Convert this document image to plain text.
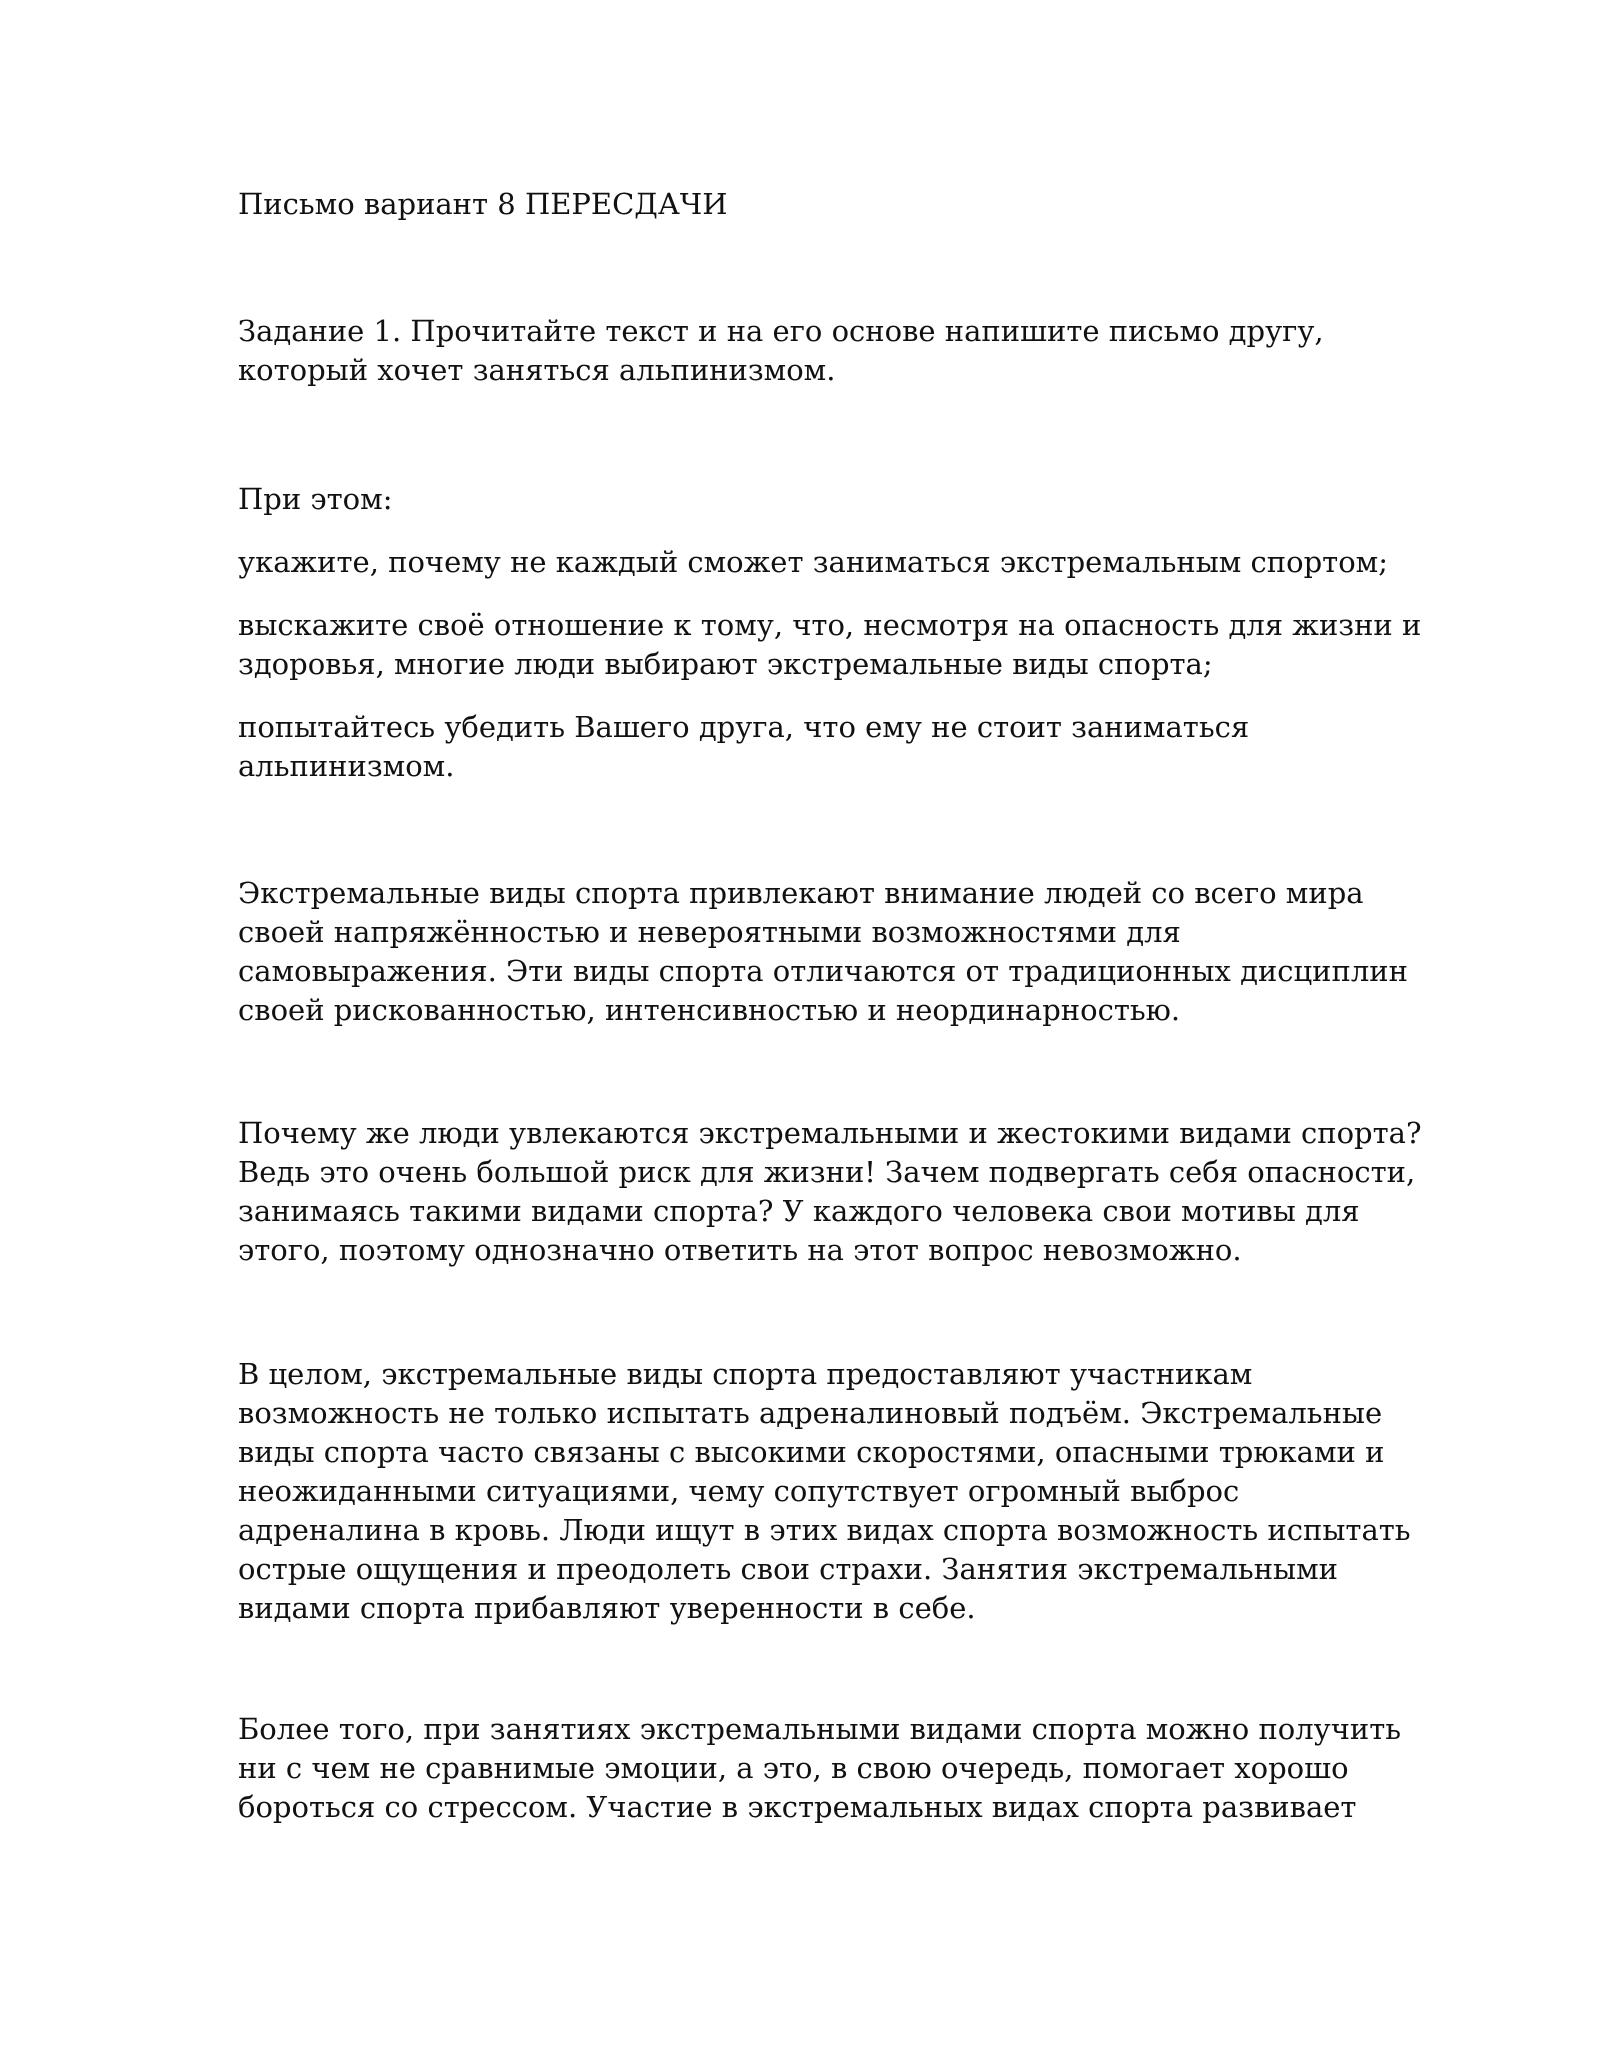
Письмо вариант 8 ПЕРЕСДАЧИ

Задание 1. Прочитайте текст и на его основе напишите письмо другу,
который хочет заняться альпинизмом.

При этом:

укажите, почему не каждый сможет заниматься экстремальным спортом;

выскажите своё отношение к тому, что, несмотря на опасность для жизни и
здоровья, многие люди выбирают экстремальные виды спорта;

попытайтесь убедить Вашего друга, что ему не стоит заниматься
альпинизмом.

Экстремальные виды спорта привлекают внимание людей со всего мира
своей напряжённостью и невероятными возможностями для
самовыражения. Эти виды спорта отличаются от традиционных дисциплин
своей рискованностью, интенсивностью и неординарностью.

Почему же люди увлекаются экстремальными и жестокими видами спорта?
Ведь это очень большой риск для жизни! Зачем подвергать себя опасности,
занимаясь такими видами спорта? У каждого человека свои мотивы для
этого, поэтому однозначно ответить на этот вопрос невозможно.

В целом, экстремальные виды спорта предоставляют участникам
возможность не только испытать адреналиновый подъём. Экстремальные
виды спорта часто связаны с высокими скоростями, опасными трюками и
неожиданными ситуациями, чему сопутствует огромный выброс
адреналина в кровь. Люди ищут в этих видах спорта возможность испытать
острые ощущения и преодолеть свои страхи. Занятия экстремальными
видами спорта прибавляют уверенности в себе.

Более того, при занятиях экстремальными видами спорта можно получить
ни с чем не сравнимые эмоции, а это, в свою очередь, помогает хорошо
бороться со стрессом. Участие в экстремальных видах спорта развивает
